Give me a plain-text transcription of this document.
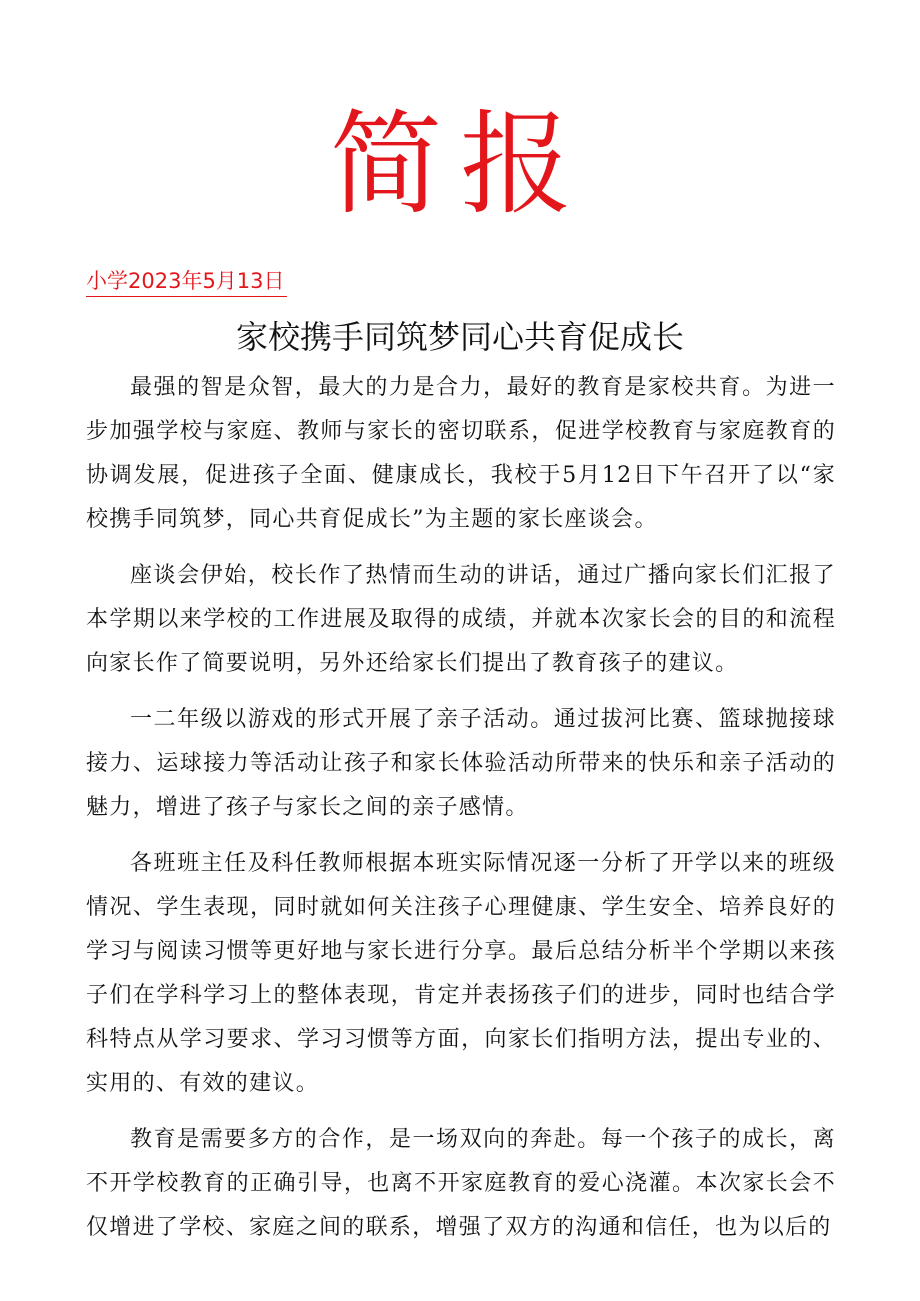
简报
小学2023年5月13日
家校携手同筑梦同心共育促成长

最强的智是众智，最大的力是合力，最好的教育是家校共育。为进一步加强学校与家庭、教师与家长的密切联系，促进学校教育与家庭教育的协调发展，促进孩子全面、健康成长，我校于5月12日下午召开了以“家校携手同筑梦，同心共育促成长”为主题的家长座谈会。

座谈会伊始，校长作了热情而生动的讲话，通过广播向家长们汇报了本学期以来学校的工作进展及取得的成绩，并就本次家长会的目的和流程向家长作了简要说明，另外还给家长们提出了教育孩子的建议。

一二年级以游戏的形式开展了亲子活动。通过拔河比赛、篮球抛接球接力、运球接力等活动让孩子和家长体验活动所带来的快乐和亲子活动的魅力，增进了孩子与家长之间的亲子感情。

各班班主任及科任教师根据本班实际情况逐一分析了开学以来的班级情况、学生表现，同时就如何关注孩子心理健康、学生安全、培养良好的学习与阅读习惯等更好地与家长进行分享。最后总结分析半个学期以来孩子们在学科学习上的整体表现，肯定并表扬孩子们的进步，同时也结合学科特点从学习要求、学习习惯等方面，向家长们指明方法，提出专业的、实用的、有效的建议。

教育是需要多方的合作，是一场双向的奔赴。每一个孩子的成长，离不开学校教育的正确引导，也离不开家庭教育的爱心浇灌。本次家长会不仅增进了学校、家庭之间的联系，增强了双方的沟通和信任，也为以后的
